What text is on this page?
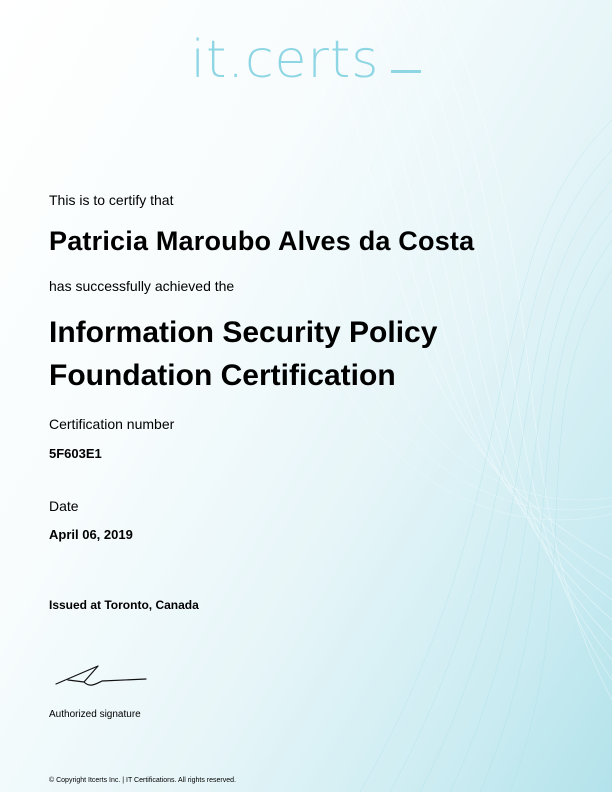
it.certs
This is to certify that
Patricia Maroubo Alves da Costa
has successfully achieved the
Information Security Policy
Foundation Certification
Certification number
5F603E1
Date
April 06, 2019
Issued at Toronto, Canada
Authorized signature
© Copyright Itcerts Inc. | IT Certifications. All rights reserved.
